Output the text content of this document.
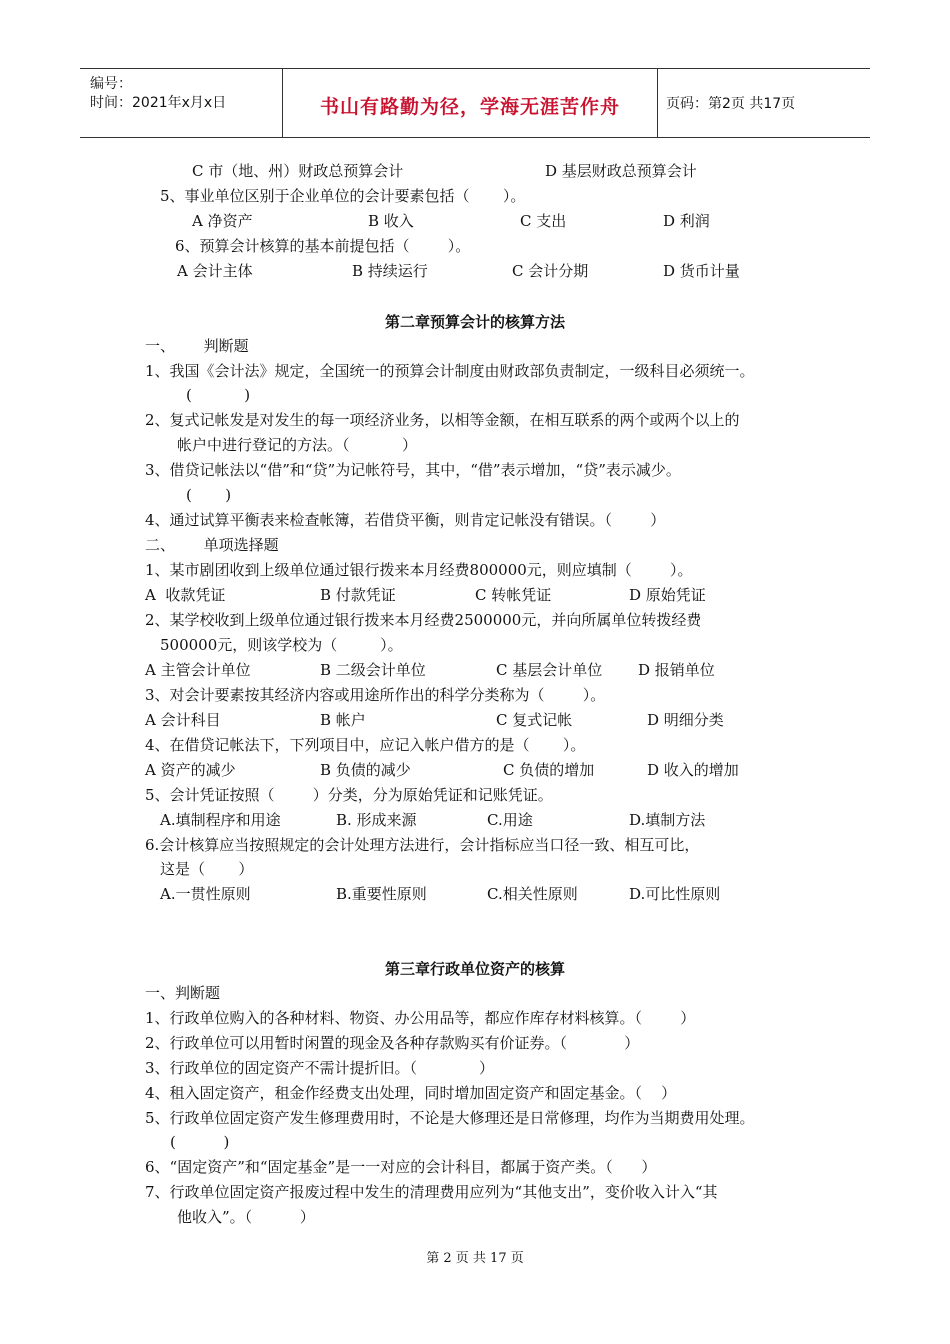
编号：
时间：2021年x月x日	书山有路勤为径，学海无涯苦作舟	页码：第2页 共17页
C 市（地、州）财政总预算会计	D 基层财政总预算会计
5、事业单位区别于企业单位的会计要素包括（       ）。
A 净资产	B 收入	C 支出	D 利润
6、预算会计核算的基本前提包括（        ）。
A 会计主体	B 持续运行	C 会计分期	D 货币计量
第二章预算会计的核算方法
一、      判断题
1、我国《会计法》规定，全国统一的预算会计制度由财政部负责制定，一级科目必须统一。
(           )
2、复式记帐发是对发生的每一项经济业务，以相等金额，在相互联系的两个或两个以上的
帐户中进行登记的方法。（           ）
3、借贷记帐法以“借”和“贷”为记帐符号，其中，“借”表示增加，“贷”表示减少。
(       )
4、通过试算平衡表来检查帐簿，若借贷平衡，则肯定记帐没有错误。（        ）
二、      单项选择题
1、某市剧团收到上级单位通过银行拨来本月经费800000元，则应填制（        ）。
A  收款凭证	B 付款凭证	C 转帐凭证	D 原始凭证
2、某学校收到上级单位通过银行拨来本月经费2500000元，并向所属单位转拨经费
500000元，则该学校为（         ）。
A 主管会计单位	B 二级会计单位	C 基层会计单位 D 报销单位
3、对会计要素按其经济内容或用途所作出的科学分类称为（        ）。
A 会计科目	B 帐户	C 复式记帐	D 明细分类
4、在借贷记帐法下，下列项目中，应记入帐户借方的是（       ）。
A 资产的减少	B 负债的减少	C 负债的增加	D 收入的增加
5、会计凭证按照（        ）分类，分为原始凭证和记账凭证。
A.填制程序和用途	B. 形成来源	C.用途	D.填制方法
6.会计核算应当按照规定的会计处理方法进行，会计指标应当口径一致、相互可比，
这是（       ）
A.一贯性原则	B.重要性原则	C.相关性原则	D.可比性原则
第三章行政单位资产的核算
一、判断题
1、行政单位购入的各种材料、物资、办公用品等，都应作库存材料核算。（        ）
2、行政单位可以用暂时闲置的现金及各种存款购买有价证券。（            ）
3、行政单位的固定资产不需计提折旧。（             ）
4、租入固定资产，租金作经费支出处理，同时增加固定资产和固定基金。（    ）
5、行政单位固定资产发生修理费用时，不论是大修理还是日常修理，均作为当期费用处理。
(          )
6、“固定资产”和“固定基金”是一一对应的会计科目，都属于资产类。（      ）
7、行政单位固定资产报废过程中发生的清理费用应列为“其他支出”，变价收入计入“其
他收入”。（          ）
第 2 页 共 17 页
